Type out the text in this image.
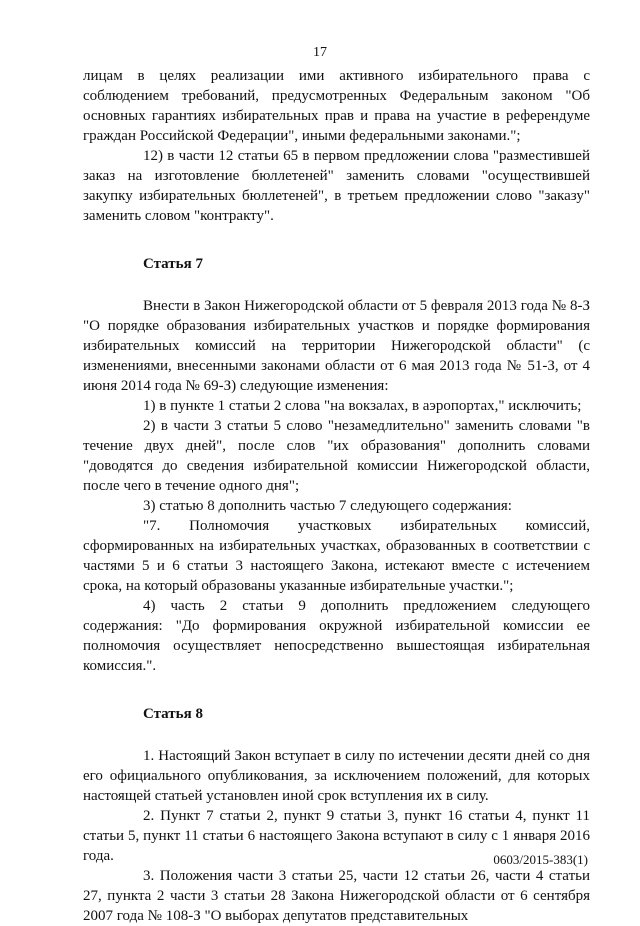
17

лицам в целях реализации ими активного избирательного права с соблюдением требований, предусмотренных Федеральным законом "Об основных гарантиях избирательных прав и права на участие в референдуме граждан Российской Федерации", иными федеральными законами.";

12) в части 12 статьи 65 в первом предложении слова "разместившей заказ на изготовление бюллетеней" заменить словами "осуществившей закупку избирательных бюллетеней", в третьем предложении слово "заказу" заменить словом "контракту".

Статья 7

Внести в Закон Нижегородской области от 5 февраля 2013 года № 8-З "О порядке образования избирательных участков и порядке формирования избирательных комиссий на территории Нижегородской области" (с изменениями, внесенными законами области от 6 мая 2013 года № 51-З, от 4 июня 2014 года № 69-З) следующие изменения:

1) в пункте 1 статьи 2 слова "на вокзалах, в аэропортах," исключить;

2) в части 3 статьи 5 слово "незамедлительно" заменить словами "в течение двух дней", после слов "их образования" дополнить словами "доводятся до сведения избирательной комиссии Нижегородской области, после чего в течение одного дня";

3) статью 8 дополнить частью 7 следующего содержания:

"7. Полномочия участковых избирательных комиссий, сформированных на избирательных участках, образованных в соответствии с частями 5 и 6 статьи 3 настоящего Закона, истекают вместе с истечением срока, на который образованы указанные избирательные участки.";

4) часть 2 статьи 9 дополнить предложением следующего содержания: "До формирования окружной избирательной комиссии ее полномочия осуществляет непосредственно вышестоящая избирательная комиссия.".

Статья 8

1. Настоящий Закон вступает в силу по истечении десяти дней со дня его официального опубликования, за исключением положений, для которых настоящей статьей установлен иной срок вступления их в силу.

2. Пункт 7 статьи 2, пункт 9 статьи 3, пункт 16 статьи 4, пункт 11 статьи 5, пункт 11 статьи 6 настоящего Закона вступают в силу с 1 января 2016 года.

3. Положения части 3 статьи 25, части 12 статьи 26, части 4 статьи 27, пункта 2 части 3 статьи 28 Закона Нижегородской области от 6 сентября 2007 года № 108-З "О выборах депутатов представительных

0603/2015-383(1)
